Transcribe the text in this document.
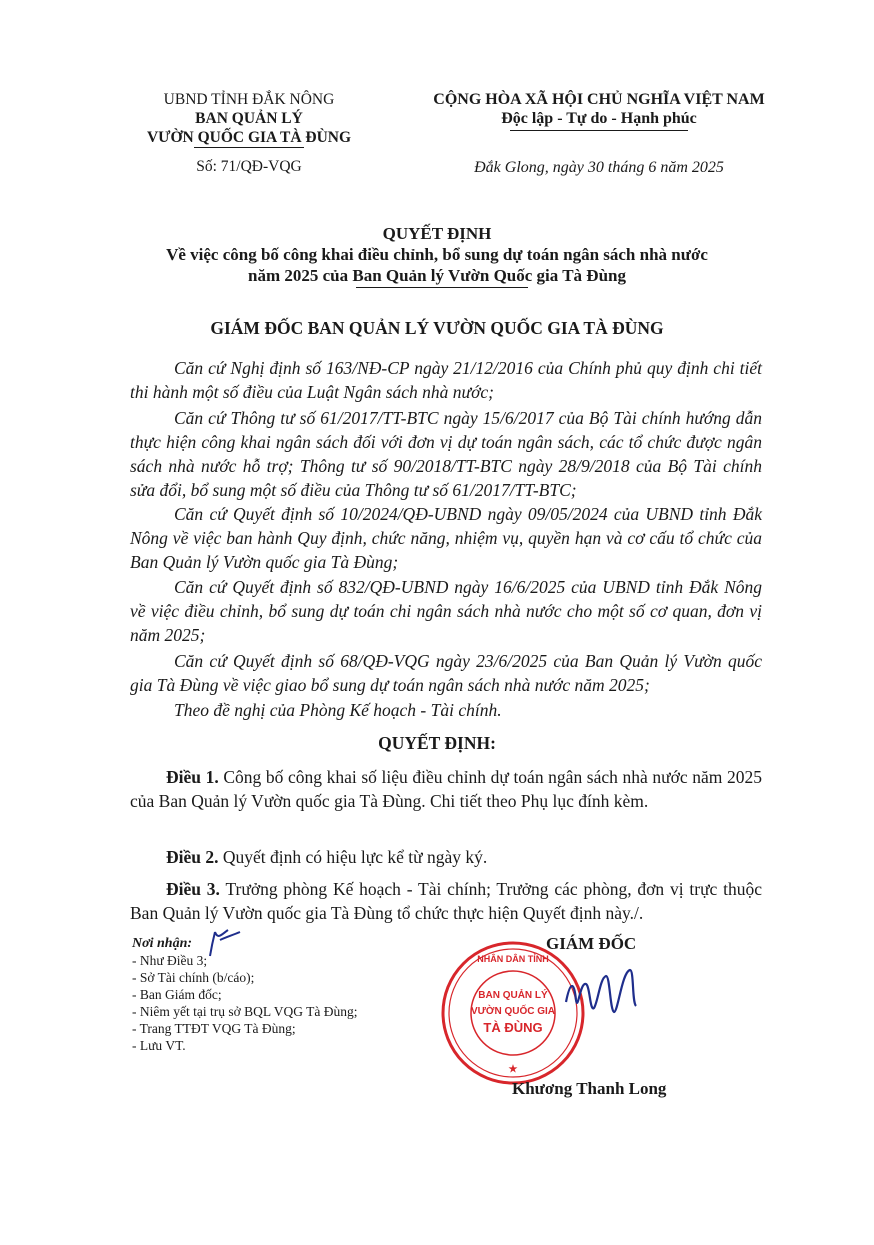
UBND TỈNH ĐẮK NÔNG
BAN QUẢN LÝ
VƯỜN QUỐC GIA TÀ ĐÙNG
Số: 71/QĐ-VQG
CỘNG HÒA XÃ HỘI CHỦ NGHĨA VIỆT NAM
Độc lập - Tự do - Hạnh phúc
Đắk Glong, ngày 30 tháng 6 năm 2025
QUYẾT ĐỊNH
Về việc công bố công khai điều chỉnh, bổ sung dự toán ngân sách nhà nước
năm 2025 của Ban Quản lý Vườn Quốc gia Tà Đùng
GIÁM ĐỐC BAN QUẢN LÝ VƯỜN QUỐC GIA TÀ ĐÙNG
Căn cứ Nghị định số 163/NĐ-CP ngày 21/12/2016 của Chính phủ quy định chi tiết thi hành một số điều của Luật Ngân sách nhà nước;
Căn cứ Thông tư số 61/2017/TT-BTC ngày 15/6/2017 của Bộ Tài chính hướng dẫn thực hiện công khai ngân sách đối với đơn vị dự toán ngân sách, các tổ chức được ngân sách nhà nước hỗ trợ; Thông tư số 90/2018/TT-BTC ngày 28/9/2018 của Bộ Tài chính sửa đổi, bổ sung một số điều của Thông tư số 61/2017/TT-BTC;
Căn cứ Quyết định số 10/2024/QĐ-UBND ngày 09/05/2024 của UBND tỉnh Đắk Nông về việc ban hành Quy định, chức năng, nhiệm vụ, quyền hạn và cơ cấu tổ chức của Ban Quản lý Vườn quốc gia Tà Đùng;
Căn cứ Quyết định số 832/QĐ-UBND ngày 16/6/2025 của UBND tỉnh Đắk Nông về việc điều chỉnh, bổ sung dự toán chi ngân sách nhà nước cho một số cơ quan, đơn vị năm 2025;
Căn cứ Quyết định số 68/QĐ-VQG ngày 23/6/2025 của Ban Quản lý Vườn quốc gia Tà Đùng về việc giao bổ sung dự toán ngân sách nhà nước năm 2025;
Theo đề nghị của Phòng Kế hoạch - Tài chính.
QUYẾT ĐỊNH:
Điều 1. Công bố công khai số liệu điều chỉnh dự toán ngân sách nhà nước năm 2025 của Ban Quản lý Vườn quốc gia Tà Đùng. Chi tiết theo Phụ lục đính kèm.
Điều 2. Quyết định có hiệu lực kể từ ngày ký.
Điều 3. Trưởng phòng Kế hoạch - Tài chính; Trưởng các phòng, đơn vị trực thuộc Ban Quản lý Vườn quốc gia Tà Đùng tổ chức thực hiện Quyết định này./.
Nơi nhận:
- Như Điều 3;
- Sở Tài chính (b/cáo);
- Ban Giám đốc;
- Niêm yết tại trụ sở BQL VQG Tà Đùng;
- Trang TTĐT VQG Tà Đùng;
- Lưu VT.
GIÁM ĐỐC
NHÂN DÂN TỈNH
BAN QUẢN LÝ
VƯỜN QUỐC GIA
TÀ ĐÙNG
★
Khương Thanh Long
